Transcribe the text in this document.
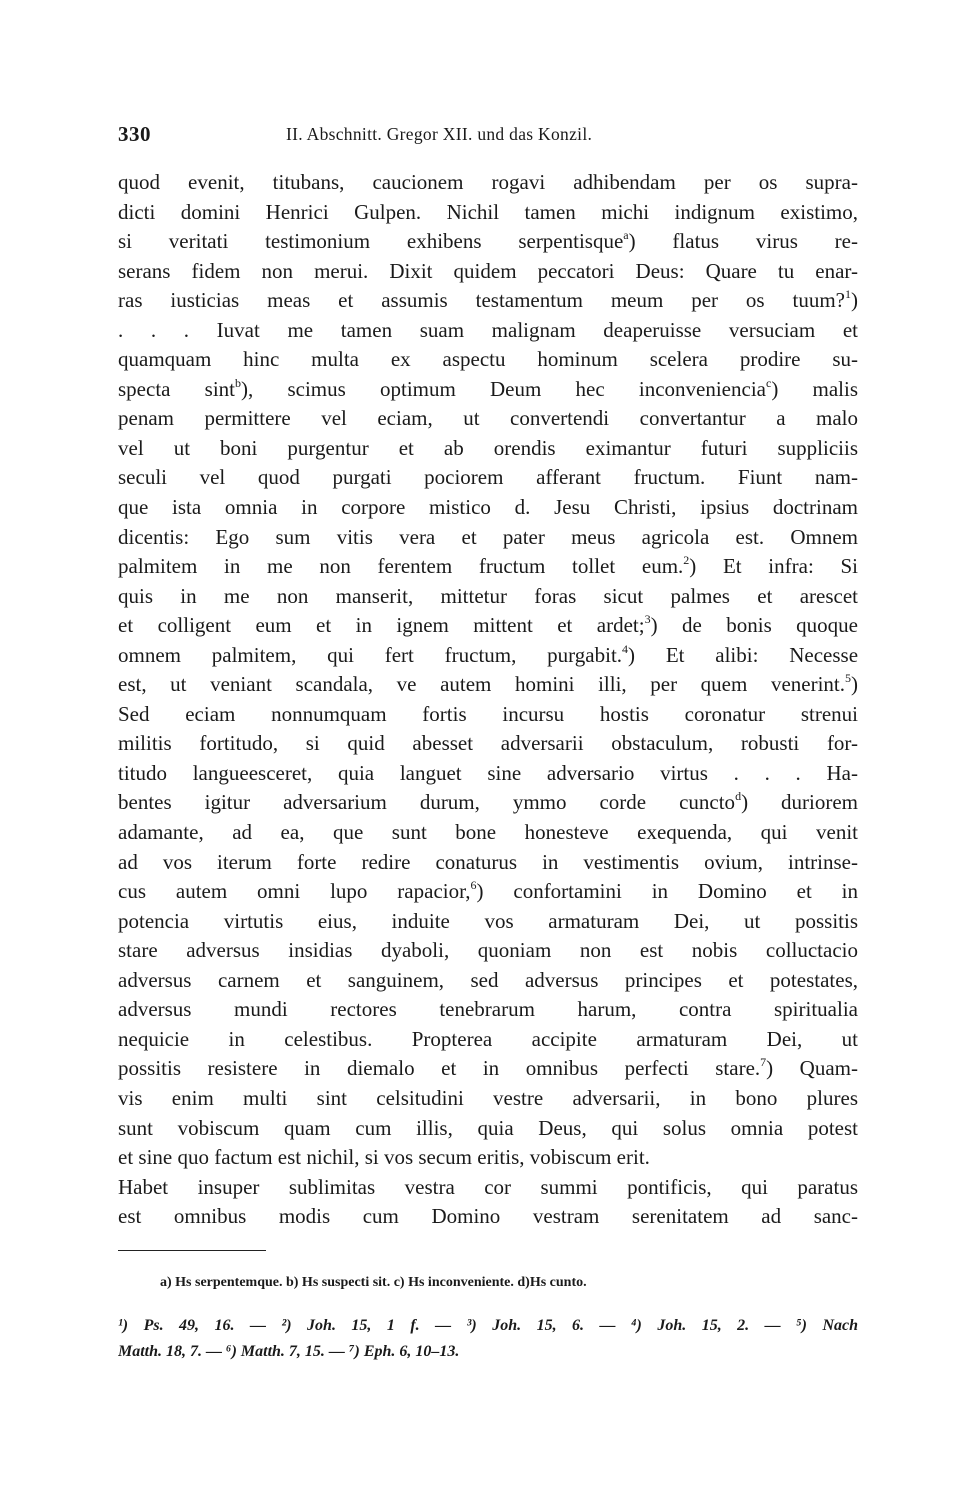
330	II. Abschnitt. Gregor XII. und das Konzil.
quod evenit, titubans, caucionem rogavi adhibendam per os supra-
dicti domini Henrici Gulpen. Nichil tamen michi indignum existimo,
si veritati testimonium exhibens serpentisque$^a$) flatus virus re-
serans fidem non merui. Dixit quidem peccatori Deus: Quare tu enar-
ras iusticias meas et assumis testamentum meum per os tuum?$^1$)
. . . Iuvat me tamen suam malignam deaperuisse versuciam et
quamquam hinc multa ex aspectu hominum scelera prodire su-
specta sint$^b$), scimus optimum Deum hec inconveniencia$^c$) malis
penam permittere vel eciam, ut convertendi convertantur a malo
vel ut boni purgentur et ab orendis eximantur futuri suppliciis
seculi vel quod purgati pociorem afferant fructum. Fiunt nam-
que ista omnia in corpore mistico d. Jesu Christi, ipsius doctrinam
dicentis: Ego sum vitis vera et pater meus agricola est. Omnem
palmitem in me non ferentem fructum tollet eum.$^2$) Et infra: Si
quis in me non manserit, mittetur foras sicut palmes et arescet
et colligent eum et in ignem mittent et ardet;$^3$) de bonis quoque
omnem palmitem, qui fert fructum, purgabit.$^4$) Et alibi: Necesse
est, ut veniant scandala, ve autem homini illi, per quem venerint.$^5$)
Sed eciam nonnumquam fortis incursu hostis coronatur strenui
militis fortitudo, si quid abesset adversarii obstaculum, robusti for-
titudo langueesceret, quia languet sine adversario virtus . . . Ha-
bentes igitur adversarium durum, ymmo corde cuncto$^d$) duriorem
adamante, ad ea, que sunt bone honesteve exequenda, qui venit
ad vos iterum forte redire conaturus in vestimentis ovium, intrinse-
cus autem omni lupo rapacior,$^6$) confortamini in Domino et in
potencia virtutis eius, induite vos armaturam Dei, ut possitis
stare adversus insidias dyaboli, quoniam non est nobis colluctacio
adversus carnem et sanguinem, sed adversus principes et potestates,
adversus mundi rectores tenebrarum harum, contra spiritualia
nequicie in celestibus. Propterea accipite armaturam Dei, ut
possitis resistere in diemalo et in omnibus perfecti stare.$^7$) Quam-
vis enim multi sint celsitudini vestre adversarii, in bono plures
sunt vobiscum quam cum illis, quia Deus, qui solus omnia potest
et sine quo factum est nichil, si vos secum eritis, vobiscum erit.
Habet insuper sublimitas vestra cor summi pontificis, qui paratus
est omnibus modis cum Domino vestram serenitatem ad sanc-
a) Hs serpentemque. b) Hs suspecti sit. c) Hs inconveniente. d)Hs cunto.
¹) Ps. 49, 16. — ²) Joh. 15, 1 f. — ³) Joh. 15, 6. — ⁴) Joh. 15, 2. — ⁵) Nach
Matth. 18, 7. — ⁶) Matth. 7, 15. — ⁷) Eph. 6, 10–13.
